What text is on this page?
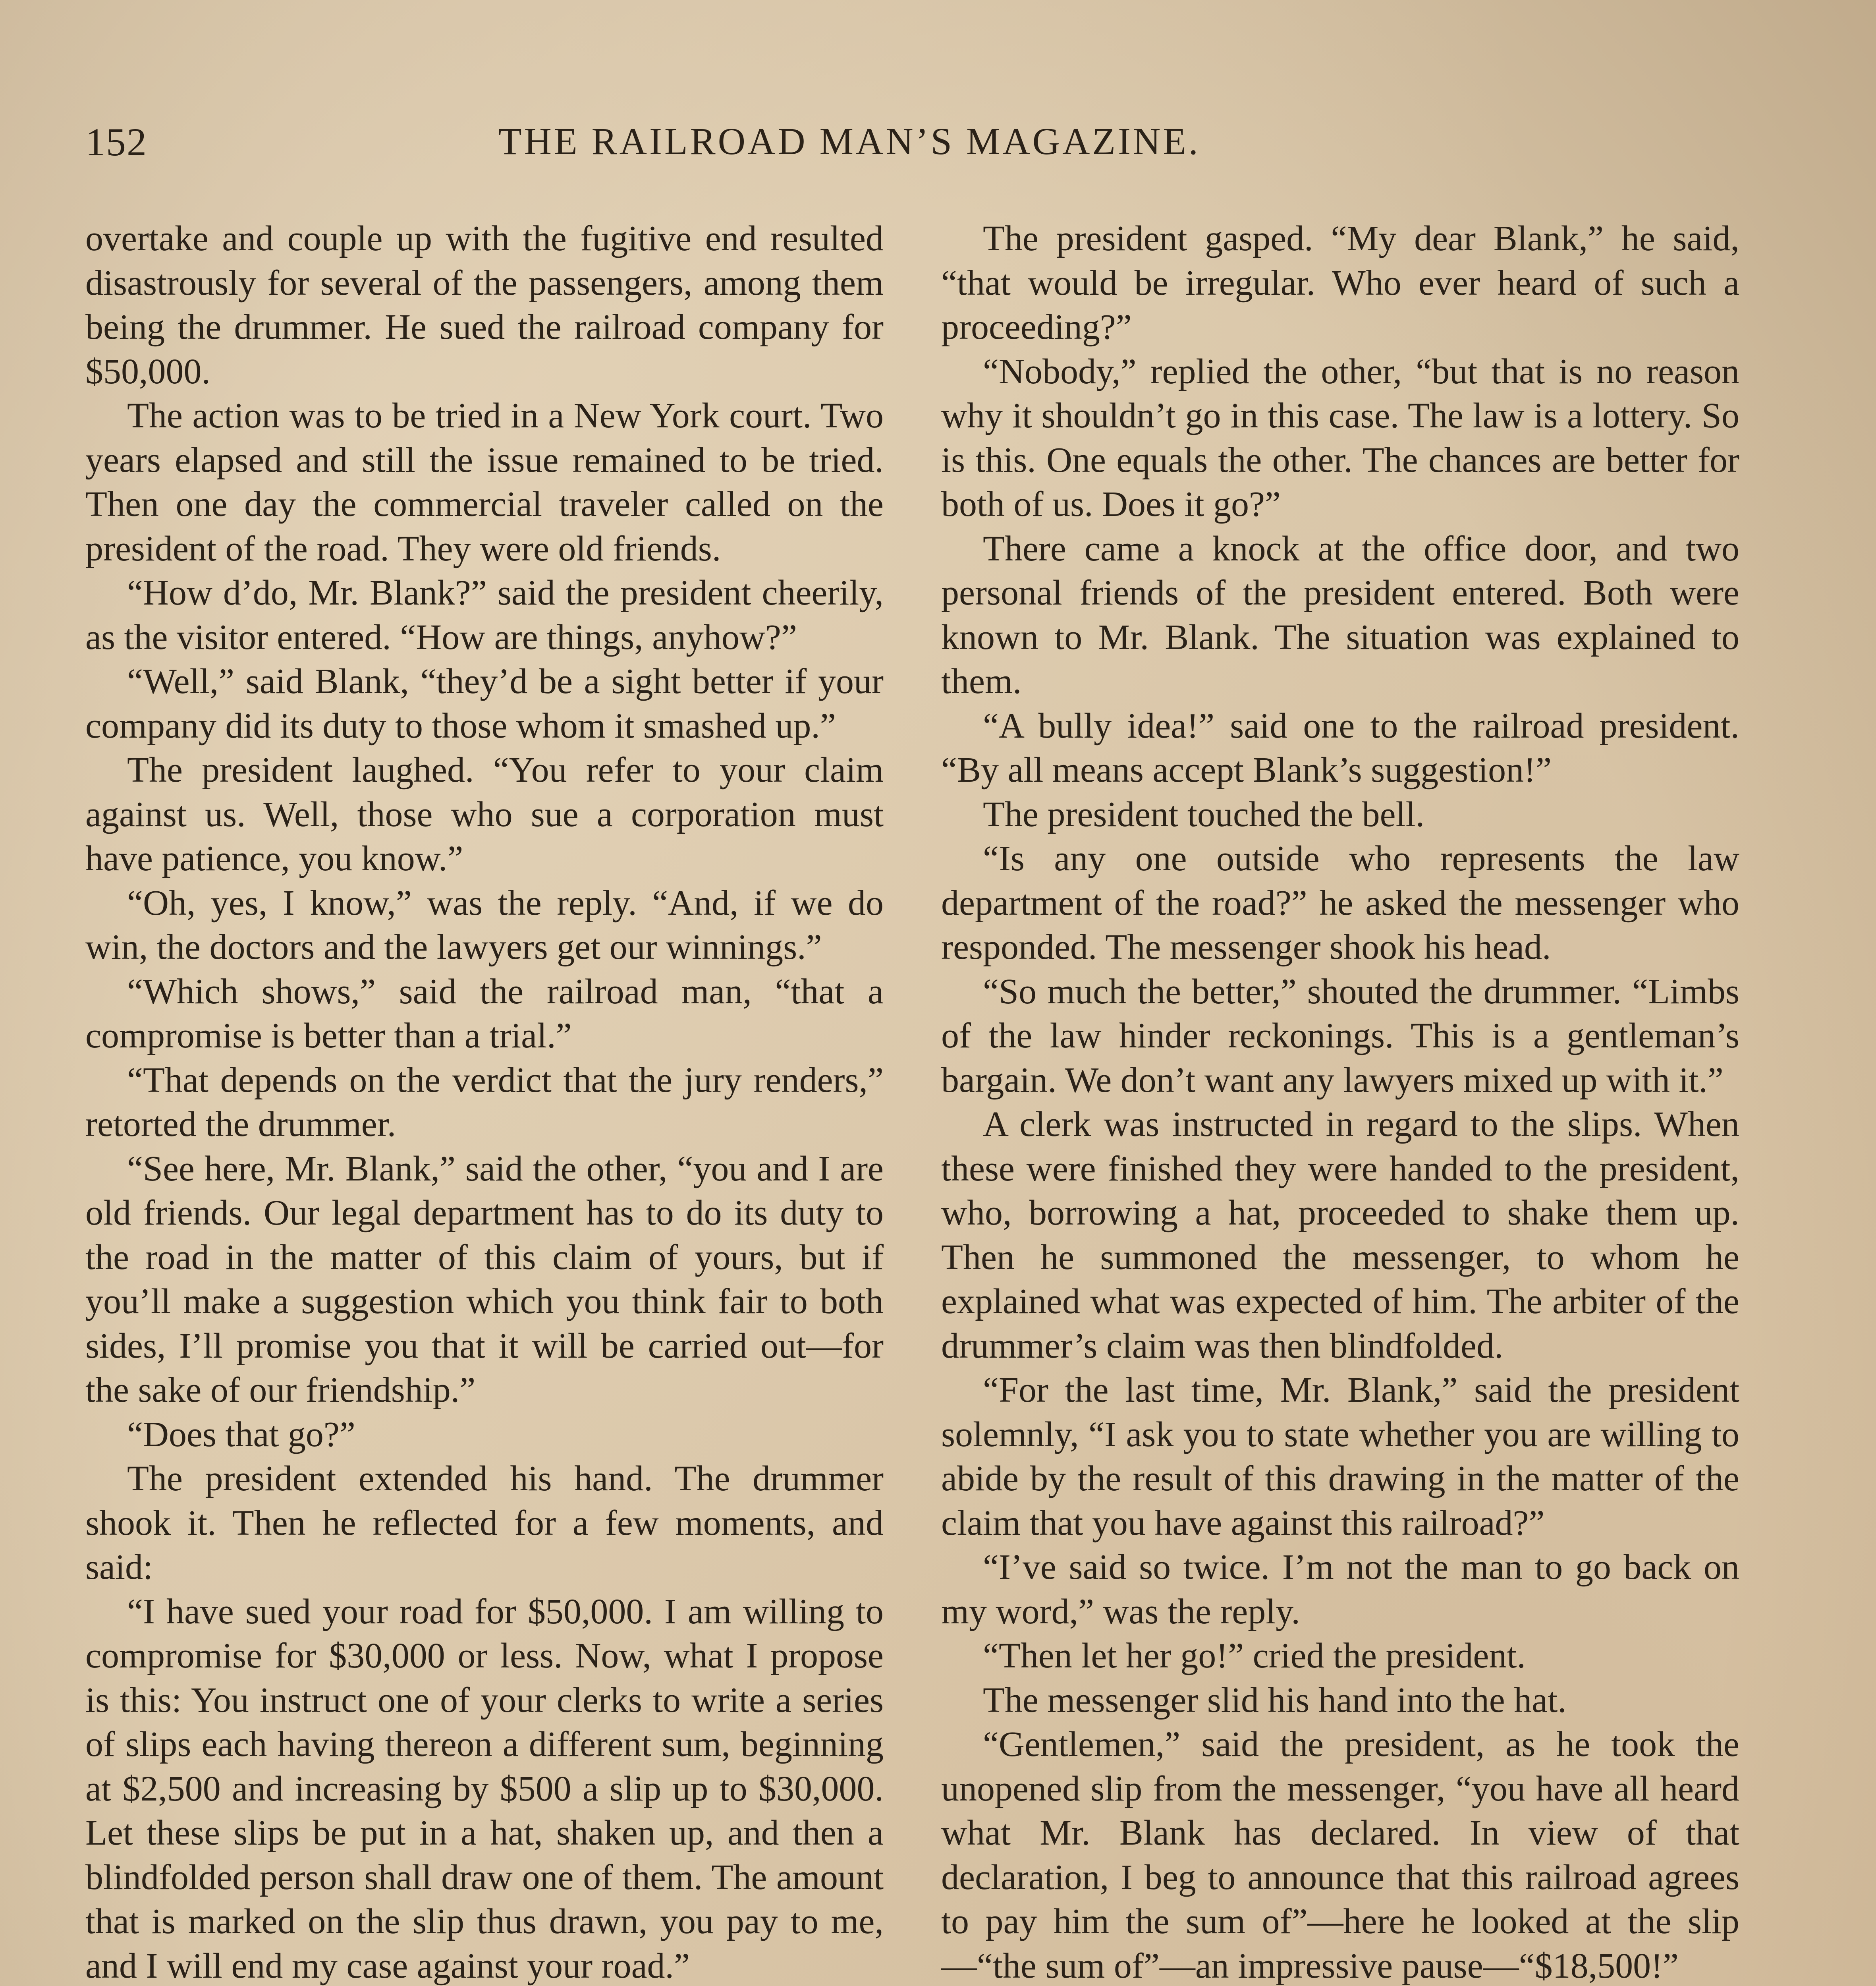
152	THE RAILROAD MAN’S MAGAZINE.

overtake and couple up with the fugitive end resulted disastrously for several of the passengers, among them being the drummer. He sued the railroad company for $50,000.

The action was to be tried in a New York court. Two years elapsed and still the issue remained to be tried. Then one day the commercial traveler called on the president of the road. They were old friends.

“How d’do, Mr. Blank?” said the president cheerily, as the visitor entered. “How are things, anyhow?”

“Well,” said Blank, “they’d be a sight better if your company did its duty to those whom it smashed up.”

The president laughed. “You refer to your claim against us. Well, those who sue a corporation must have patience, you know.”

“Oh, yes, I know,” was the reply. “And, if we do win, the doctors and the lawyers get our winnings.”

“Which shows,” said the railroad man, “that a compromise is better than a trial.”

“That depends on the verdict that the jury renders,” retorted the drummer.

“See here, Mr. Blank,” said the other, “you and I are old friends. Our legal department has to do its duty to the road in the matter of this claim of yours, but if you’ll make a suggestion which you think fair to both sides, I’ll promise you that it will be carried out—for the sake of our friendship.”

“Does that go?”

The president extended his hand. The drummer shook it. Then he reflected for a few moments, and said:

“I have sued your road for $50,000. I am willing to compromise for $30,000 or less. Now, what I propose is this: You instruct one of your clerks to write a series of slips each having thereon a different sum, beginning at $2,500 and increasing by $500 a slip up to $30,000. Let these slips be put in a hat, shaken up, and then a blindfolded person shall draw one of them. The amount that is marked on the slip thus drawn, you pay to me, and I will end my case against your road.”

The president gasped. “My dear Blank,” he said, “that would be irregular. Who ever heard of such a proceeding?”

“Nobody,” replied the other, “but that is no reason why it shouldn’t go in this case. The law is a lottery. So is this. One equals the other. The chances are better for both of us. Does it go?”

There came a knock at the office door, and two personal friends of the president entered. Both were known to Mr. Blank. The situation was explained to them.

“A bully idea!” said one to the railroad president. “By all means accept Blank’s suggestion!”

The president touched the bell.

“Is any one outside who represents the law department of the road?” he asked the messenger who responded. The messenger shook his head.

“So much the better,” shouted the drummer. “Limbs of the law hinder reckonings. This is a gentleman’s bargain. We don’t want any lawyers mixed up with it.”

A clerk was instructed in regard to the slips. When these were finished they were handed to the president, who, borrowing a hat, proceeded to shake them up. Then he summoned the messenger, to whom he explained what was expected of him. The arbiter of the drummer’s claim was then blindfolded.

“For the last time, Mr. Blank,” said the president solemnly, “I ask you to state whether you are willing to abide by the result of this drawing in the matter of the claim that you have against this railroad?”

“I’ve said so twice. I’m not the man to go back on my word,” was the reply.

“Then let her go!” cried the president.

The messenger slid his hand into the hat.

“Gentlemen,” said the president, as he took the unopened slip from the messenger, “you have all heard what Mr. Blank has declared. In view of that declaration, I beg to announce that this railroad agrees to pay him the sum of”—here he looked at the slip—“the sum of”—an impressive pause—“$18,500!”
